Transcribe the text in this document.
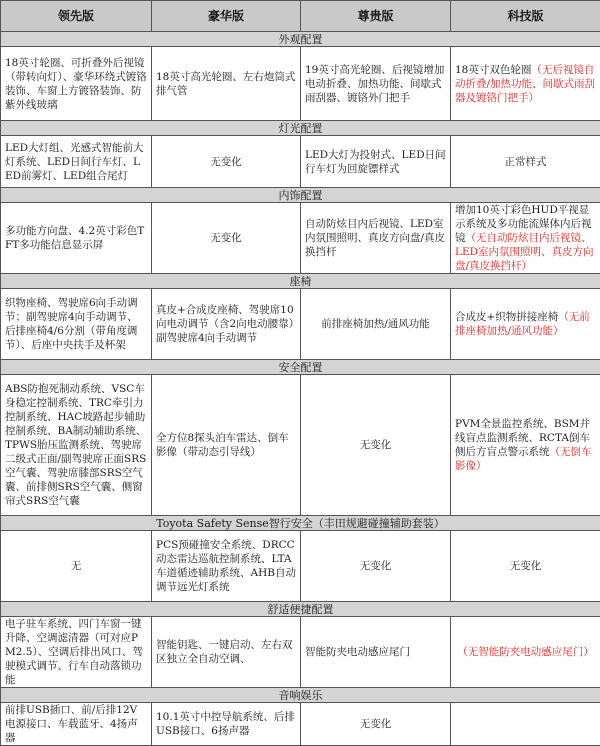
领先版	豪华版	尊贵版	科技版
外观配置			
18英寸轮圈、可折叠外后视镜（带转向灯）、豪华环绕式镀铬装饰、车窗上方镀铬装饰、防紫外线玻璃	18英寸高光轮圈、左右炮筒式排气管	19英寸高光轮圈、后视镜增加电动折叠、加热功能、间歇式雨刮器、镀铬外门把手	18英寸双色轮圈（无后视镜自动折叠/加热功能、间歇式雨刮器及镀铬门把手）
灯光配置			
LED大灯组、光感式智能前大灯系统、LED日间行车灯、LED前雾灯、LED组合尾灯	无变化	LED大灯为投射式、LED日间行车灯为回旋镖样式	正常样式
内饰配置			
多功能方向盘、4.2英寸彩色TFT多功能信息显示屏	无变化	自动防炫目内后视镜、LED室内氛围照明、真皮方向盘/真皮换挡杆	增加10英寸彩色HUD平视显示系统及多功能流媒体内后视镜（无自动防炫目内后视镜、LED室内氛围照明、真皮方向盘/真皮换挡杆）
座椅			
织物座椅、驾驶席6向手动调节；副驾驶席4向手动调节、后排座椅4/6分割（带角度调节）、后座中央扶手及杯架	真皮+合成皮座椅、驾驶席10向电动调节（含2向电动腰靠）副驾驶席4向手动调节	前排座椅加热/通风功能	合成皮+织物拼接座椅（无前排座椅加热/通风功能）
安全配置			
ABS防抱死制动系统、VSC车身稳定控制系统、TRC牵引力控制系统、HAC坡路起步辅助控制系统、BA制动辅助系统、TPWS胎压监测系统、驾驶席二级式正面/副驾驶席正面SRS空气囊、驾驶席膝部SRS空气囊、前排侧SRS空气囊、侧窗帘式SRS空气囊	全方位8探头泊车雷达、倒车影像（带动态引导线）	无变化	PVM全景监控系统、BSM并线盲点监测系统、RCTA倒车侧后方盲点警示系统（无倒车影像）
Toyota Safety Sense智行安全（丰田规避碰撞辅助套装）			
无	PCS预碰撞安全系统、DRCC动态雷达巡航控制系统、LTA车道循迹辅助系统、AHB自动调节远光灯系统	无变化	无变化
舒适便捷配置			
电子驻车系统、四门车窗一键升降、空调滤清器（可对应PM2.5）、空调后排出风口、驾驶模式调节、行车自动落锁功能	智能钥匙、一键启动、左右双区独立全自动空调、	智能防夹电动感应尾门	（无智能防夹电动感应尾门）
音响娱乐			
前排USB插口、前/后排12V电源接口、车载蓝牙、4扬声器	10.1英寸中控导航系统、后排USB接口、6扬声器	无变化	
